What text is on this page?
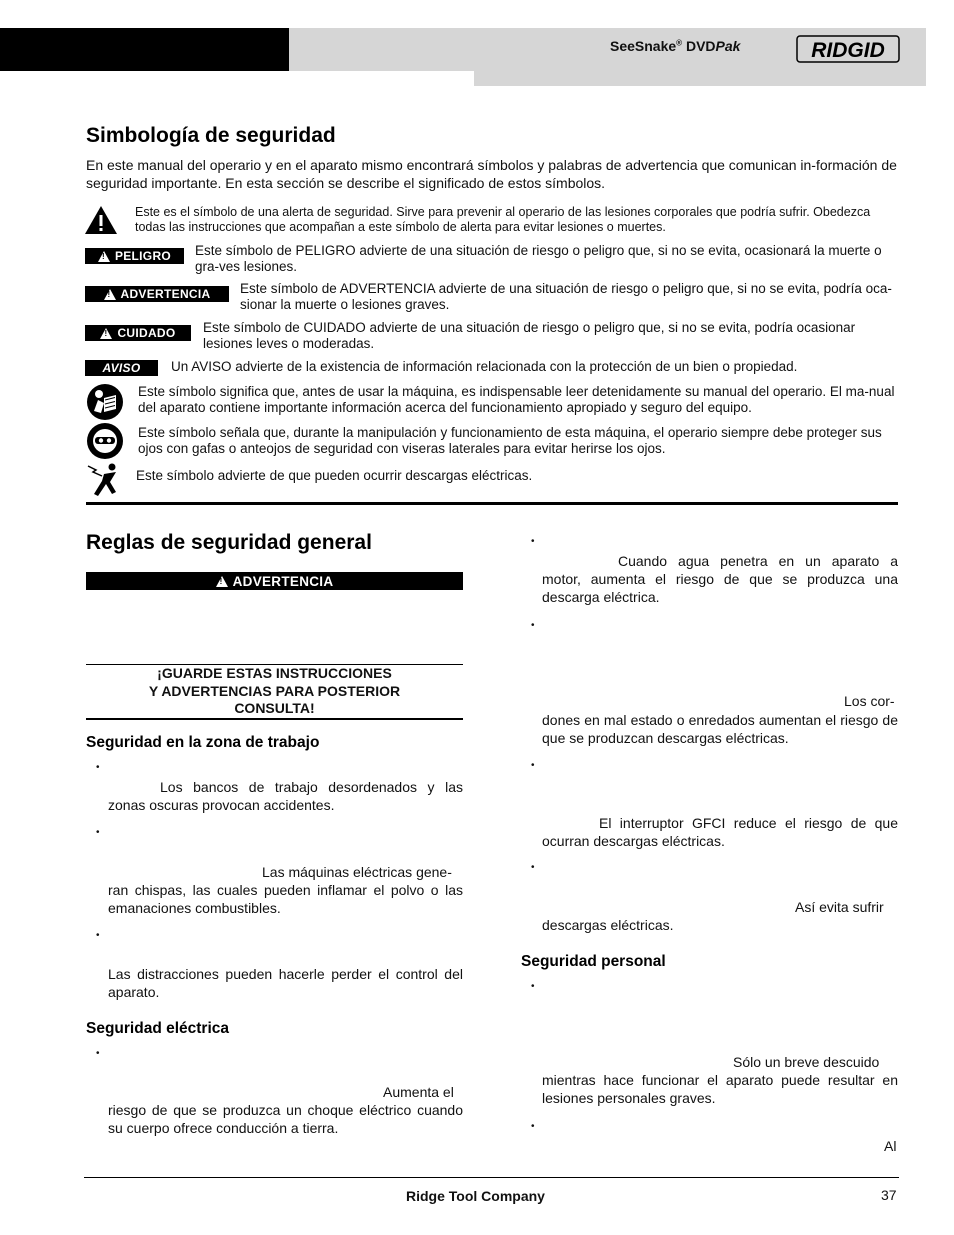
SeeSnake® DVDPak	RIDGID
Simbología de seguridad
En este manual del operario y en el aparato mismo encontrará símbolos y palabras de advertencia que comunican in-formación de seguridad importante. En esta sección se describe el significado de estos símbolos.
Este es el símbolo de una alerta de seguridad. Sirve para prevenir al operario de las lesiones corporales que podría sufrir. Obedezca todas las instrucciones que acompañan a este símbolo de alerta para evitar lesiones o muertes.
!
PELIGRO Este símbolo de PELIGRO advierte de una situación de riesgo o peligro que, si no se evita, ocasionará la muerte o gra-ves lesiones.
!
ADVERTENCIA Este símbolo de ADVERTENCIA advierte de una situación de riesgo o peligro que, si no se evita, podría oca-sionar la muerte o lesiones graves.
!
CUIDADO Este símbolo de CUIDADO advierte de una situación de riesgo o peligro que, si no se evita, podría ocasionar lesiones leves o moderadas.
AVISO	Un AVISO advierte de la existencia de información relacionada con la protección de un bien o propiedad.
Este símbolo significa que, antes de usar la máquina, es indispensable leer detenidamente su manual del operario. El ma-nual del aparato contiene importante información acerca del funcionamiento apropiado y seguro del equipo.
Este símbolo señala que, durante la manipulación y funcionamiento de esta máquina, el operario siempre debe proteger sus ojos con gafas o anteojos de seguridad con viseras laterales para evitar herirse los ojos.
Este símbolo advierte de que pueden ocurrir descargas eléctricas.
Reglas de seguridad general
!
ADVERTENCIA
¡GUARDE ESTAS INSTRUCCIONES
Y ADVERTENCIAS PARA POSTERIOR
CONSULTA!
Seguridad en la zona de trabajo
•
Los bancos de trabajo desordenados y las zonas oscuras provocan accidentes.
•
Las máquinas eléctricas gene-
ran chispas, las cuales pueden inflamar el polvo o las emanaciones combustibles.
•
Las distracciones pueden hacerle perder el control del aparato.
Seguridad eléctrica
•
Aumenta el
riesgo de que se produzca un choque eléctrico cuando su cuerpo ofrece conducción a tierra.
•
Cuando agua penetra en un aparato a motor, aumenta el riesgo de que se produzca una descarga eléctrica.
•
Los cor-
dones en mal estado o enredados aumentan el riesgo de que se produzcan descargas eléctricas.
•
El interruptor GFCI reduce el riesgo de que ocurran descargas eléctricas.
•
Así evita sufrir
descargas eléctricas.
Seguridad personal
•
Sólo un breve descuido
mientras hace funcionar el aparato puede resultar en lesiones personales graves.
•
Al
Ridge Tool Company	37
